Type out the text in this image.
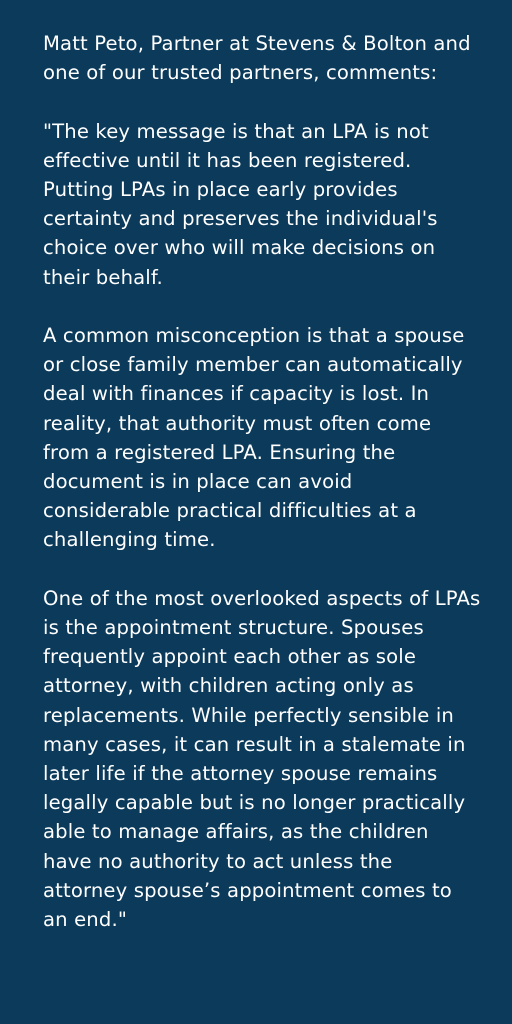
Matt Peto, Partner at Stevens & Bolton and one of our trusted partners, comments:

"The key message is that an LPA is not effective until it has been registered. Putting LPAs in place early provides certainty and preserves the individual's choice over who will make decisions on their behalf.

A common misconception is that a spouse or close family member can automatically deal with finances if capacity is lost. In reality, that authority must often come from a registered LPA. Ensuring the document is in place can avoid considerable practical difficulties at a challenging time.

One of the most overlooked aspects of LPAs is the appointment structure. Spouses frequently appoint each other as sole attorney, with children acting only as replacements. While perfectly sensible in many cases, it can result in a stalemate in later life if the attorney spouse remains legally capable but is no longer practically able to manage affairs, as the children have no authority to act unless the attorney spouse’s appointment comes to an end."
